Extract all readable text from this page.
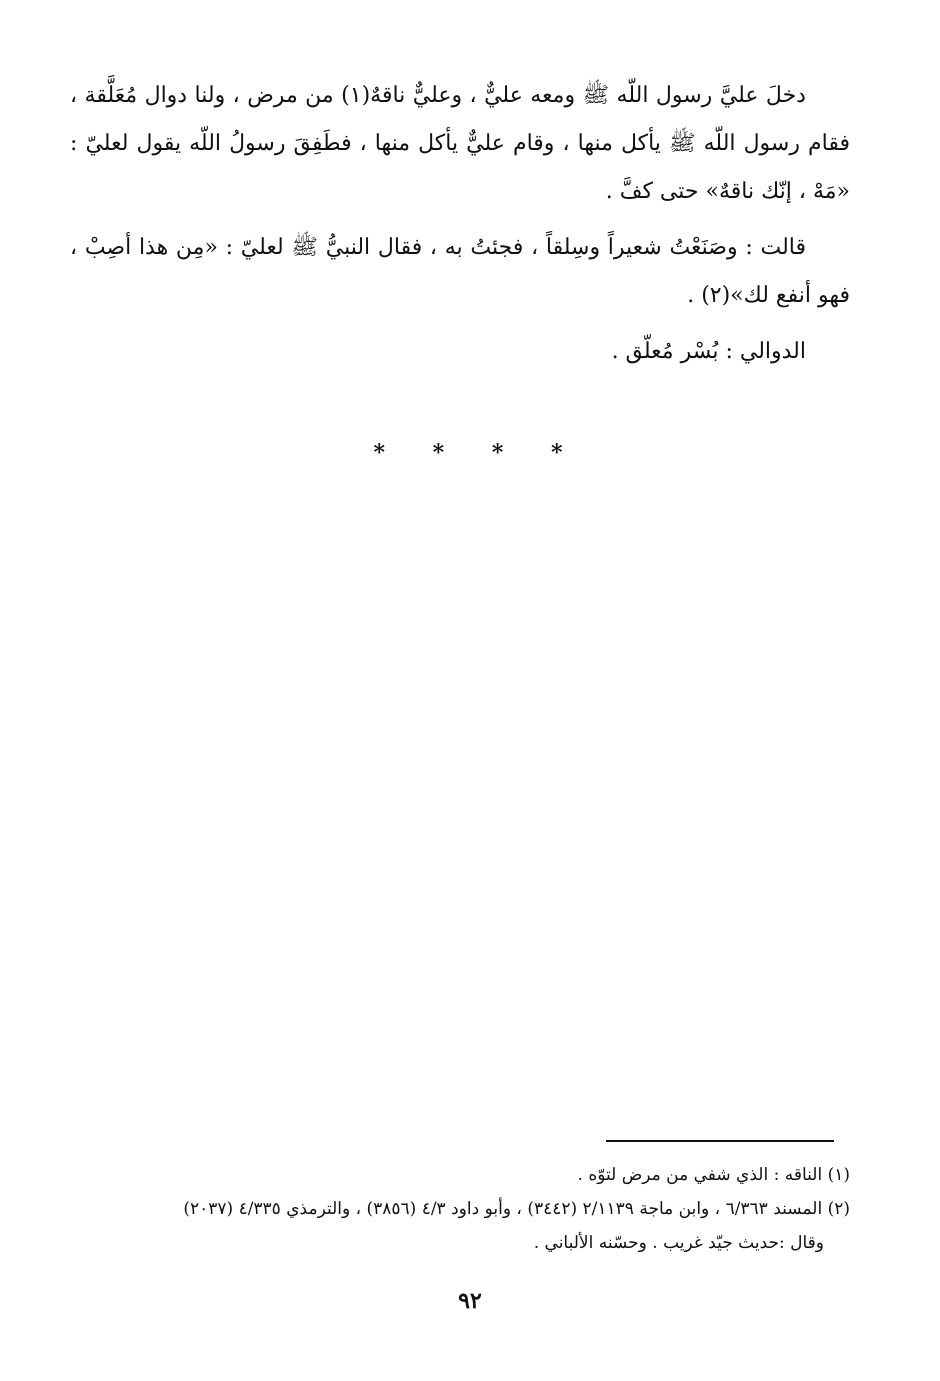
دخلَ عليَّ رسول اللّه ﷺ ومعه عليٌّ ، وعليٌّ ناقهٌ(١) من مرض ، ولنا دوال مُعَلَّقة ، فقام رسول اللّه ﷺ يأكل منها ، وقام عليٌّ يأكل منها ، فطَفِقَ رسولُ اللّه يقول لعليّ : «مَهْ ، إنّك ناقهٌ» حتى كفَّ .

قالت : وصَنَعْتُ شعيراً وسِلقاً ، فجئتُ به ، فقال النبيُّ ﷺ لعليّ : «مِن هذا أصِبْ ، فهو أنفع لك»(٢) .

الدوالي : بُسْر مُعلّق .

* * * *

(١) الناقه : الذي شفي من مرض لتوّه .

(٢) المسند ٦/٣٦٣ ، وابن ماجة ٢/١١٣٩ (٣٤٤٢) ، وأبو داود ٤/٣ (٣٨٥٦) ، والترمذي ٤/٣٣٥ (٢٠٣٧)

وقال :حديث جيّد غريب . وحسّنه الألباني .

٩٢
